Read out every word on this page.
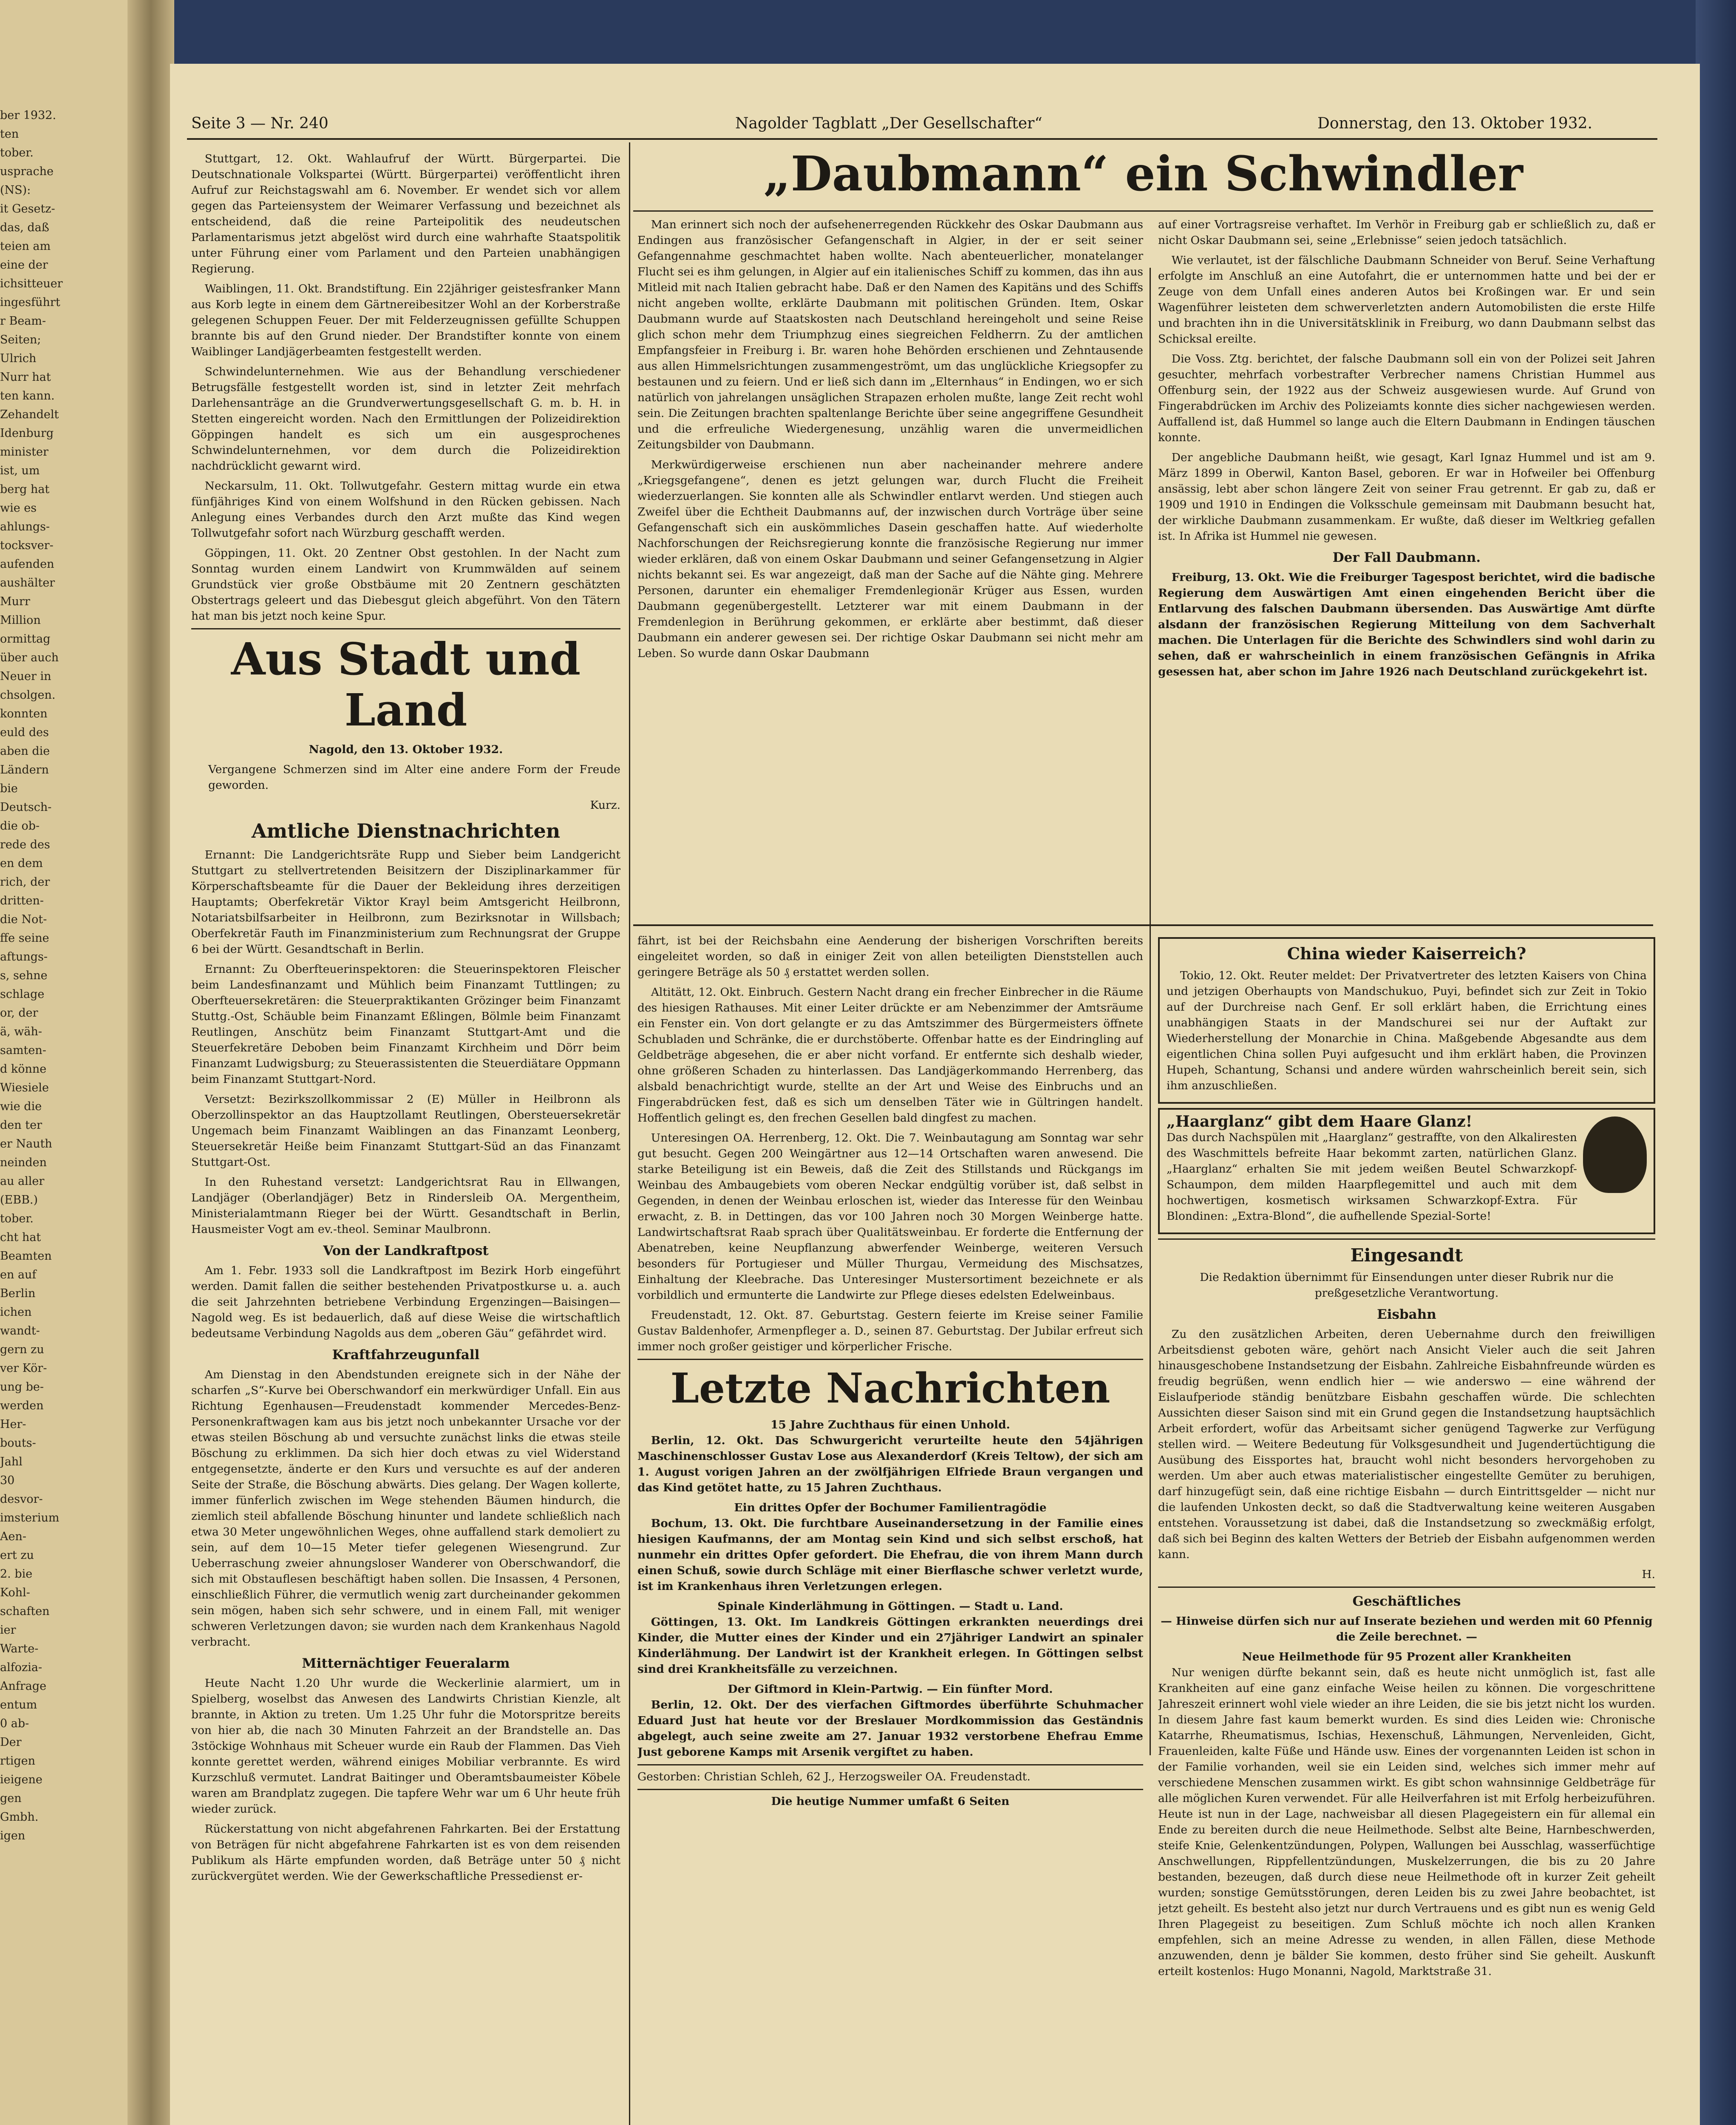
ber 1932.
ten
tober.
usprache
(NS):
it Gesetz-
das, daß
teien am
eine der
ichsitteuer
ingesführt
r Beam-
Seiten;
Ulrich
Nurr hat
ten kann.
Zehandelt
Idenburg
minister
ist, um
berg hat
wie es
ahlungs-
tocksver-
aufenden
aushälter
Murr
Million
ormittag
über auch
Neuer in
chsolgen.
konnten
euld des
aben die
Ländern
bie
Deutsch-
die ob-
rede des
en dem
rich, der
dritten-
die Not-
ffe seine
aftungs-
s, sehne
schlage
or, der
ä, wäh-
samten-
d könne
Wiesiele
wie die
den ter
er Nauth
neinden
au aller
(EBB.)
tober.
cht hat
Beamten
en auf
Berlin
ichen
wandt-
gern zu
ver Kör-
ung be-
werden
Her-
bouts-
Jahl
30
desvor-
imsterium
Aen-
ert zu
2. bie
Kohl-
schaften
ier
Warte-
alfozia-
Anfrage
entum
0 ab-
Der
rtigen
ieigene
gen
Gmbh.
igen
Seite 3 — Nr. 240	Nagolder Tagblatt „Der Gesellschafter“	Donnerstag, den 13. Oktober 1932.

Stuttgart, 12. Okt. Wahlaufruf der Württ. Bürgerpartei. Die Deutschnationale Volkspartei (Württ. Bürgerpartei) veröffentlicht ihren Aufruf zur Reichstagswahl am 6. November. Er wendet sich vor allem gegen das Parteiensystem der Weimarer Verfassung und bezeichnet als entscheidend, daß die reine Parteipolitik des neudeutschen Parlamentarismus jetzt abgelöst wird durch eine wahrhafte Staatspolitik unter Führung einer vom Parlament und den Parteien unabhängigen Regierung.

Waiblingen, 11. Okt. Brandstiftung. Ein 22jähriger geistesfranker Mann aus Korb legte in einem dem Gärtnereibesitzer Wohl an der Korberstraße gelegenen Schuppen Feuer. Der mit Felderzeugnissen gefüllte Schuppen brannte bis auf den Grund nieder. Der Brandstifter konnte von einem Waiblinger Landjägerbeamten festgestellt werden.

Schwindelunternehmen. Wie aus der Behandlung verschiedener Betrugsfälle festgestellt worden ist, sind in letzter Zeit mehrfach Darlehensanträge an die Grundverwertungsgesellschaft G. m. b. H. in Stetten eingereicht worden. Nach den Ermittlungen der Polizeidirektion Göppingen handelt es sich um ein ausgesprochenes Schwindelunternehmen, vor dem durch die Polizeidirektion nachdrücklicht gewarnt wird.

Neckarsulm, 11. Okt. Tollwutgefahr. Gestern mittag wurde ein etwa fünfjähriges Kind von einem Wolfshund in den Rücken gebissen. Nach Anlegung eines Verbandes durch den Arzt mußte das Kind wegen Tollwutgefahr sofort nach Würzburg geschafft werden.

Göppingen, 11. Okt. 20 Zentner Obst gestohlen. In der Nacht zum Sonntag wurden einem Landwirt von Krummwälden auf seinem Grundstück vier große Obstbäume mit 20 Zentnern geschätzten Obstertrags geleert und das Diebesgut gleich abgeführt. Von den Tätern hat man bis jetzt noch keine Spur.

Aus Stadt und Land

Nagold, den 13. Oktober 1932.

Vergangene Schmerzen sind im Alter eine andere Form der Freude geworden.

Kurz.

Amtliche Dienstnachrichten

Ernannt: Die Landgerichtsräte Rupp und Sieber beim Landgericht Stuttgart zu stellvertretenden Beisitzern der Disziplinarkammer für Körperschaftsbeamte für die Dauer der Bekleidung ihres derzeitigen Hauptamts; Oberfekretär Viktor Krayl beim Amtsgericht Heilbronn, Notariatsbilfsarbeiter in Heilbronn, zum Bezirksnotar in Willsbach; Oberfekretär Fauth im Finanzministerium zum Rechnungsrat der Gruppe 6 bei der Württ. Gesandtschaft in Berlin.

Ernannt: Zu Oberfteuerinspektoren: die Steuerinspektoren Fleischer beim Landesfinanzamt und Mühlich beim Finanzamt Tuttlingen; zu Oberfteuersekretären: die Steuerpraktikanten Grözinger beim Finanzamt Stuttg.-Ost, Schäuble beim Finanzamt Eßlingen, Bölmle beim Finanzamt Reutlingen, Anschütz beim Finanzamt Stuttgart-Amt und die Steuerfekretäre Deboben beim Finanzamt Kirchheim und Dörr beim Finanzamt Ludwigsburg; zu Steuerassistenten die Steuerdiätare Oppmann beim Finanzamt Stuttgart-Nord.

Versetzt: Bezirkszollkommissar 2 (E) Müller in Heilbronn als Oberzollinspektor an das Hauptzollamt Reutlingen, Obersteuersekretär Ungemach beim Finanzamt Waiblingen an das Finanzamt Leonberg, Steuersekretär Heiße beim Finanzamt Stuttgart-Süd an das Finanzamt Stuttgart-Ost.

In den Ruhestand versetzt: Landgerichtsrat Rau in Ellwangen, Landjäger (Oberlandjäger) Betz in Rindersleib OA. Mergentheim, Ministerialamtmann Rieger bei der Württ. Gesandtschaft in Berlin, Hausmeister Vogt am ev.-theol. Seminar Maulbronn.

Von der Landkraftpost

Am 1. Febr. 1933 soll die Landkraftpost im Bezirk Horb eingeführt werden. Damit fallen die seither bestehenden Privatpostkurse u. a. auch die seit Jahrzehnten betriebene Verbindung Ergenzingen—Baisingen—Nagold weg. Es ist bedauerlich, daß auf diese Weise die wirtschaftlich bedeutsame Verbindung Nagolds aus dem „oberen Gäu“ gefährdet wird.

Kraftfahrzeugunfall

Am Dienstag in den Abendstunden ereignete sich in der Nähe der scharfen „S“-Kurve bei Oberschwandorf ein merkwürdiger Unfall. Ein aus Richtung Egenhausen—Freudenstadt kommender Mercedes-Benz-Personenkraftwagen kam aus bis jetzt noch unbekannter Ursache vor der etwas steilen Böschung ab und versuchte zunächst links die etwas steile Böschung zu erklimmen. Da sich hier doch etwas zu viel Widerstand entgegensetzte, änderte er den Kurs und versuchte es auf der anderen Seite der Straße, die Böschung abwärts. Dies gelang. Der Wagen kollerte, immer fünferlich zwischen im Wege stehenden Bäumen hindurch, die ziemlich steil abfallende Böschung hinunter und landete schließlich nach etwa 30 Meter ungewöhnlichen Weges, ohne auffallend stark demoliert zu sein, auf dem 10—15 Meter tiefer gelegenen Wiesengrund. Zur Ueberraschung zweier ahnungsloser Wanderer von Oberschwandorf, die sich mit Obstauflesen beschäftigt haben sollen. Die Insassen, 4 Personen, einschließlich Führer, die vermutlich wenig zart durcheinander gekommen sein mögen, haben sich sehr schwere, und in einem Fall, mit weniger schweren Verletzungen davon; sie wurden nach dem Krankenhaus Nagold verbracht.

Mitternächtiger Feueralarm

Heute Nacht 1.20 Uhr wurde die Weckerlinie alarmiert, um in Spielberg, woselbst das Anwesen des Landwirts Christian Kienzle, alt brannte, in Aktion zu treten. Um 1.25 Uhr fuhr die Motorspritze bereits von hier ab, die nach 30 Minuten Fahrzeit an der Brandstelle an. Das 3stöckige Wohnhaus mit Scheuer wurde ein Raub der Flammen. Das Vieh konnte gerettet werden, während einiges Mobiliar verbrannte. Es wird Kurzschluß vermutet. Landrat Baitinger und Oberamtsbaumeister Köbele waren am Brandplatz zugegen. Die tapfere Wehr war um 6 Uhr heute früh wieder zurück.

Rückerstattung von nicht abgefahrenen Fahrkarten. Bei der Erstattung von Beträgen für nicht abgefahrene Fahrkarten ist es von dem reisenden Publikum als Härte empfunden worden, daß Beträge unter 50 ₰ nicht zurückvergütet werden. Wie der Gewerkschaftliche Pressedienst er-

„Daubmann“ ein Schwindler

Man erinnert sich noch der aufsehenerregenden Rückkehr des Oskar Daubmann aus Endingen aus französischer Gefangenschaft in Algier, in der er seit seiner Gefangennahme geschmachtet haben wollte. Nach abenteuerlicher, monatelanger Flucht sei es ihm gelungen, in Algier auf ein italienisches Schiff zu kommen, das ihn aus Mitleid mit nach Italien gebracht habe. Daß er den Namen des Kapitäns und des Schiffs nicht angeben wollte, erklärte Daubmann mit politischen Gründen. Item, Oskar Daubmann wurde auf Staatskosten nach Deutschland hereingeholt und seine Reise glich schon mehr dem Triumphzug eines siegreichen Feldherrn. Zu der amtlichen Empfangsfeier in Freiburg i. Br. waren hohe Behörden erschienen und Zehntausende aus allen Himmelsrichtungen zusammengeströmt, um das unglückliche Kriegsopfer zu bestaunen und zu feiern. Und er ließ sich dann im „Elternhaus“ in Endingen, wo er sich natürlich von jahrelangen unsäglichen Strapazen erholen mußte, lange Zeit recht wohl sein. Die Zeitungen brachten spaltenlange Berichte über seine angegriffene Gesundheit und die erfreuliche Wiedergenesung, unzählig waren die unvermeidlichen Zeitungsbilder von Daubmann.

Merkwürdigerweise erschienen nun aber nacheinander mehrere andere „Kriegsgefangene“, denen es jetzt gelungen war, durch Flucht die Freiheit wiederzuerlangen. Sie konnten alle als Schwindler entlarvt werden. Und stiegen auch Zweifel über die Echtheit Daubmanns auf, der inzwischen durch Vorträge über seine Gefangenschaft sich ein auskömmliches Dasein geschaffen hatte. Auf wiederholte Nachforschungen der Reichsregierung konnte die französische Regierung nur immer wieder erklären, daß von einem Oskar Daubmann und seiner Gefangensetzung in Algier nichts bekannt sei. Es war angezeigt, daß man der Sache auf die Nähte ging. Mehrere Personen, darunter ein ehemaliger Fremdenlegionär Krüger aus Essen, wurden Daubmann gegenübergestellt. Letzterer war mit einem Daubmann in der Fremdenlegion in Berührung gekommen, er erklärte aber bestimmt, daß dieser Daubmann ein anderer gewesen sei. Der richtige Oskar Daubmann sei nicht mehr am Leben. So wurde dann Oskar Daubmann

auf einer Vortragsreise verhaftet. Im Verhör in Freiburg gab er schließlich zu, daß er nicht Oskar Daubmann sei, seine „Erlebnisse“ seien jedoch tatsächlich.

Wie verlautet, ist der fälschliche Daubmann Schneider von Beruf. Seine Verhaftung erfolgte im Anschluß an eine Autofahrt, die er unternommen hatte und bei der er Zeuge von dem Unfall eines anderen Autos bei Kroßingen war. Er und sein Wagenführer leisteten dem schwerverletzten andern Automobilisten die erste Hilfe und brachten ihn in die Universitätsklinik in Freiburg, wo dann Daubmann selbst das Schicksal ereilte.

Die Voss. Ztg. berichtet, der falsche Daubmann soll ein von der Polizei seit Jahren gesuchter, mehrfach vorbestrafter Verbrecher namens Christian Hummel aus Offenburg sein, der 1922 aus der Schweiz ausgewiesen wurde. Auf Grund von Fingerabdrücken im Archiv des Polizeiamts konnte dies sicher nachgewiesen werden. Auffallend ist, daß Hummel so lange auch die Eltern Daubmann in Endingen täuschen konnte.

Der angebliche Daubmann heißt, wie gesagt, Karl Ignaz Hummel und ist am 9. März 1899 in Oberwil, Kanton Basel, geboren. Er war in Hofweiler bei Offenburg ansässig, lebt aber schon längere Zeit von seiner Frau getrennt. Er gab zu, daß er 1909 und 1910 in Endingen die Volksschule gemeinsam mit Daubmann besucht hat, der wirkliche Daubmann zusammenkam. Er wußte, daß dieser im Weltkrieg gefallen ist. In Afrika ist Hummel nie gewesen.

Der Fall Daubmann.

Freiburg, 13. Okt. Wie die Freiburger Tagespost berichtet, wird die badische Regierung dem Auswärtigen Amt einen eingehenden Bericht über die Entlarvung des falschen Daubmann übersenden. Das Auswärtige Amt dürfte alsdann der französischen Regierung Mitteilung von dem Sachverhalt machen. Die Unterlagen für die Berichte des Schwindlers sind wohl darin zu sehen, daß er wahrscheinlich in einem französischen Gefängnis in Afrika gesessen hat, aber schon im Jahre 1926 nach Deutschland zurückgekehrt ist.

fährt, ist bei der Reichsbahn eine Aenderung der bisherigen Vorschriften bereits eingeleitet worden, so daß in einiger Zeit von allen beteiligten Dienststellen auch geringere Beträge als 50 ₰ erstattet werden sollen.

Altitätt, 12. Okt. Einbruch. Gestern Nacht drang ein frecher Einbrecher in die Räume des hiesigen Rathauses. Mit einer Leiter drückte er am Nebenzimmer der Amtsräume ein Fenster ein. Von dort gelangte er zu das Amtszimmer des Bürgermeisters öffnete Schubladen und Schränke, die er durchstöberte. Offenbar hatte es der Eindringling auf Geldbeträge abgesehen, die er aber nicht vorfand. Er entfernte sich deshalb wieder, ohne größeren Schaden zu hinterlassen. Das Landjägerkommando Herrenberg, das alsbald benachrichtigt wurde, stellte an der Art und Weise des Einbruchs und an Fingerabdrücken fest, daß es sich um denselben Täter wie in Gültringen handelt. Hoffentlich gelingt es, den frechen Gesellen bald dingfest zu machen.

Unteresingen OA. Herrenberg, 12. Okt. Die 7. Weinbautagung am Sonntag war sehr gut besucht. Gegen 200 Weingärtner aus 12—14 Ortschaften waren anwesend. Die starke Beteiligung ist ein Beweis, daß die Zeit des Stillstands und Rückgangs im Weinbau des Ambaugebiets vom oberen Neckar endgültig vorüber ist, daß selbst in Gegenden, in denen der Weinbau erloschen ist, wieder das Interesse für den Weinbau erwacht, z. B. in Dettingen, das vor 100 Jahren noch 30 Morgen Weinberge hatte. Landwirtschaftsrat Raab sprach über Qualitätsweinbau. Er forderte die Entfernung der Abenatreben, keine Neupflanzung abwerfender Weinberge, weiteren Versuch besonders für Portugieser und Müller Thurgau, Vermeidung des Mischsatzes, Einhaltung der Kleebrache. Das Unteresinger Mustersortiment bezeichnete er als vorbildlich und ermunterte die Landwirte zur Pflege dieses edelsten Edelweinbaus.

Freudenstadt, 12. Okt. 87. Geburtstag. Gestern feierte im Kreise seiner Familie Gustav Baldenhofer, Armenpfleger a. D., seinen 87. Geburtstag. Der Jubilar erfreut sich immer noch großer geistiger und körperlicher Frische.

Letzte Nachrichten
15 Jahre Zuchthaus für einen Unhold.

Berlin, 12. Okt. Das Schwurgericht verurteilte heute den 54jährigen Maschinenschlosser Gustav Lose aus Alexanderdorf (Kreis Teltow), der sich am 1. August vorigen Jahren an der zwölfjährigen Elfriede Braun vergangen und das Kind getötet hatte, zu 15 Jahren Zuchthaus.

Ein drittes Opfer der Bochumer Familientragödie

Bochum, 13. Okt. Die furchtbare Auseinandersetzung in der Familie eines hiesigen Kaufmanns, der am Montag sein Kind und sich selbst erschoß, hat nunmehr ein drittes Opfer gefordert. Die Ehefrau, die von ihrem Mann durch einen Schuß, sowie durch Schläge mit einer Bierflasche schwer verletzt wurde, ist im Krankenhaus ihren Verletzungen erlegen.

Spinale Kinderlähmung in Göttingen. — Stadt u. Land.

Göttingen, 13. Okt. Im Landkreis Göttingen erkrankten neuerdings drei Kinder, die Mutter eines der Kinder und ein 27jähriger Landwirt an spinaler Kinderlähmung. Der Landwirt ist der Krankheit erlegen. In Göttingen selbst sind drei Krankheitsfälle zu verzeichnen.

Der Giftmord in Klein-Partwig. — Ein fünfter Mord.

Berlin, 12. Okt. Der des vierfachen Giftmordes überführte Schuhmacher Eduard Just hat heute vor der Breslauer Mordkommission das Geständnis abgelegt, auch seine zweite am 27. Januar 1932 verstorbene Ehefrau Emme Just geborene Kamps mit Arsenik vergiftet zu haben.

Gestorben: Christian Schleh, 62 J., Herzogsweiler OA. Freudenstadt.

Die heutige Nummer umfaßt 6 Seiten
China wieder Kaiserreich?

Tokio, 12. Okt. Reuter meldet: Der Privatvertreter des letzten Kaisers von China und jetzigen Oberhaupts von Mandschukuo, Puyi, befindet sich zur Zeit in Tokio auf der Durchreise nach Genf. Er soll erklärt haben, die Errichtung eines unabhängigen Staats in der Mandschurei sei nur der Auftakt zur Wiederherstellung der Monarchie in China. Maßgebende Abgesandte aus dem eigentlichen China sollen Puyi aufgesucht und ihm erklärt haben, die Provinzen Hupeh, Schantung, Schansi und andere würden wahrscheinlich bereit sein, sich ihm anzuschließen.

„Haarglanz“ gibt dem Haare Glanz!

Das durch Nachspülen mit „Haarglanz“ gestraffte, von den Alkaliresten des Waschmittels befreite Haar bekommt zarten, natürlichen Glanz. „Haarglanz“ erhalten Sie mit jedem weißen Beutel Schwarzkopf-Schaumpon, dem milden Haarpflegemittel und auch mit dem hochwertigen, kosmetisch wirksamen Schwarzkopf-Extra. Für Blondinen: „Extra-Blond“, die aufhellende Spezial-Sorte!

Eingesandt

Die Redaktion übernimmt für Einsendungen unter dieser Rubrik nur die preßgesetzliche Verantwortung.

Eisbahn

Zu den zusätzlichen Arbeiten, deren Uebernahme durch den freiwilligen Arbeitsdienst geboten wäre, gehört nach Ansicht Vieler auch die seit Jahren hinausgeschobene Instandsetzung der Eisbahn. Zahlreiche Eisbahnfreunde würden es freudig begrüßen, wenn endlich hier — wie anderswo — eine während der Eislaufperiode ständig benützbare Eisbahn geschaffen würde. Die schlechten Aussichten dieser Saison sind mit ein Grund gegen die Instandsetzung hauptsächlich Arbeit erfordert, wofür das Arbeitsamt sicher genügend Tagwerke zur Verfügung stellen wird. — Weitere Bedeutung für Volksgesundheit und Jugendertüchtigung die Ausübung des Eissportes hat, braucht wohl nicht besonders hervorgehoben zu werden. Um aber auch etwas materialistischer eingestellte Gemüter zu beruhigen, darf hinzugefügt sein, daß eine richtige Eisbahn — durch Eintrittsgelder — nicht nur die laufenden Unkosten deckt, so daß die Stadtverwaltung keine weiteren Ausgaben entstehen. Voraussetzung ist dabei, daß die Instandsetzung so zweckmäßig erfolgt, daß sich bei Beginn des kalten Wetters der Betrieb der Eisbahn aufgenommen werden kann.

H.

Geschäftliches

— Hinweise dürfen sich nur auf Inserate beziehen und werden mit 60 Pfennig die Zeile berechnet. —

Neue Heilmethode für 95 Prozent aller Krankheiten

Nur wenigen dürfte bekannt sein, daß es heute nicht unmöglich ist, fast alle Krankheiten auf eine ganz einfache Weise heilen zu können. Die vorgeschrittene Jahreszeit erinnert wohl viele wieder an ihre Leiden, die sie bis jetzt nicht los wurden. In diesem Jahre fast kaum bemerkt wurden. Es sind dies Leiden wie: Chronische Katarrhe, Rheumatismus, Ischias, Hexenschuß, Lähmungen, Nervenleiden, Gicht, Frauenleiden, kalte Füße und Hände usw. Eines der vorgenannten Leiden ist schon in der Familie vorhanden, weil sie ein Leiden sind, welches sich immer mehr auf verschiedene Menschen zusammen wirkt. Es gibt schon wahnsinnige Geldbeträge für alle möglichen Kuren verwendet. Für alle Heilverfahren ist mit Erfolg herbeizuführen. Heute ist nun in der Lage, nachweisbar all diesen Plagegeistern ein für allemal ein Ende zu bereiten durch die neue Heilmethode. Selbst alte Beine, Harnbeschwerden, steife Knie, Gelenkentzündungen, Polypen, Wallungen bei Ausschlag, wasserfüchtige Anschwellungen, Rippfellentzündungen, Muskelzerrungen, die bis zu 20 Jahre bestanden, bezeugen, daß durch diese neue Heilmethode oft in kurzer Zeit geheilt wurden; sonstige Gemütsstörungen, deren Leiden bis zu zwei Jahre beobachtet, ist jetzt geheilt. Es besteht also jetzt nur durch Vertrauens und es gibt nun es wenig Geld Ihren Plagegeist zu beseitigen. Zum Schluß möchte ich noch allen Kranken empfehlen, sich an meine Adresse zu wenden, in allen Fällen, diese Methode anzuwenden, denn je bälder Sie kommen, desto früher sind Sie geheilt. Auskunft erteilt kostenlos: Hugo Monanni, Nagold, Marktstraße 31.
